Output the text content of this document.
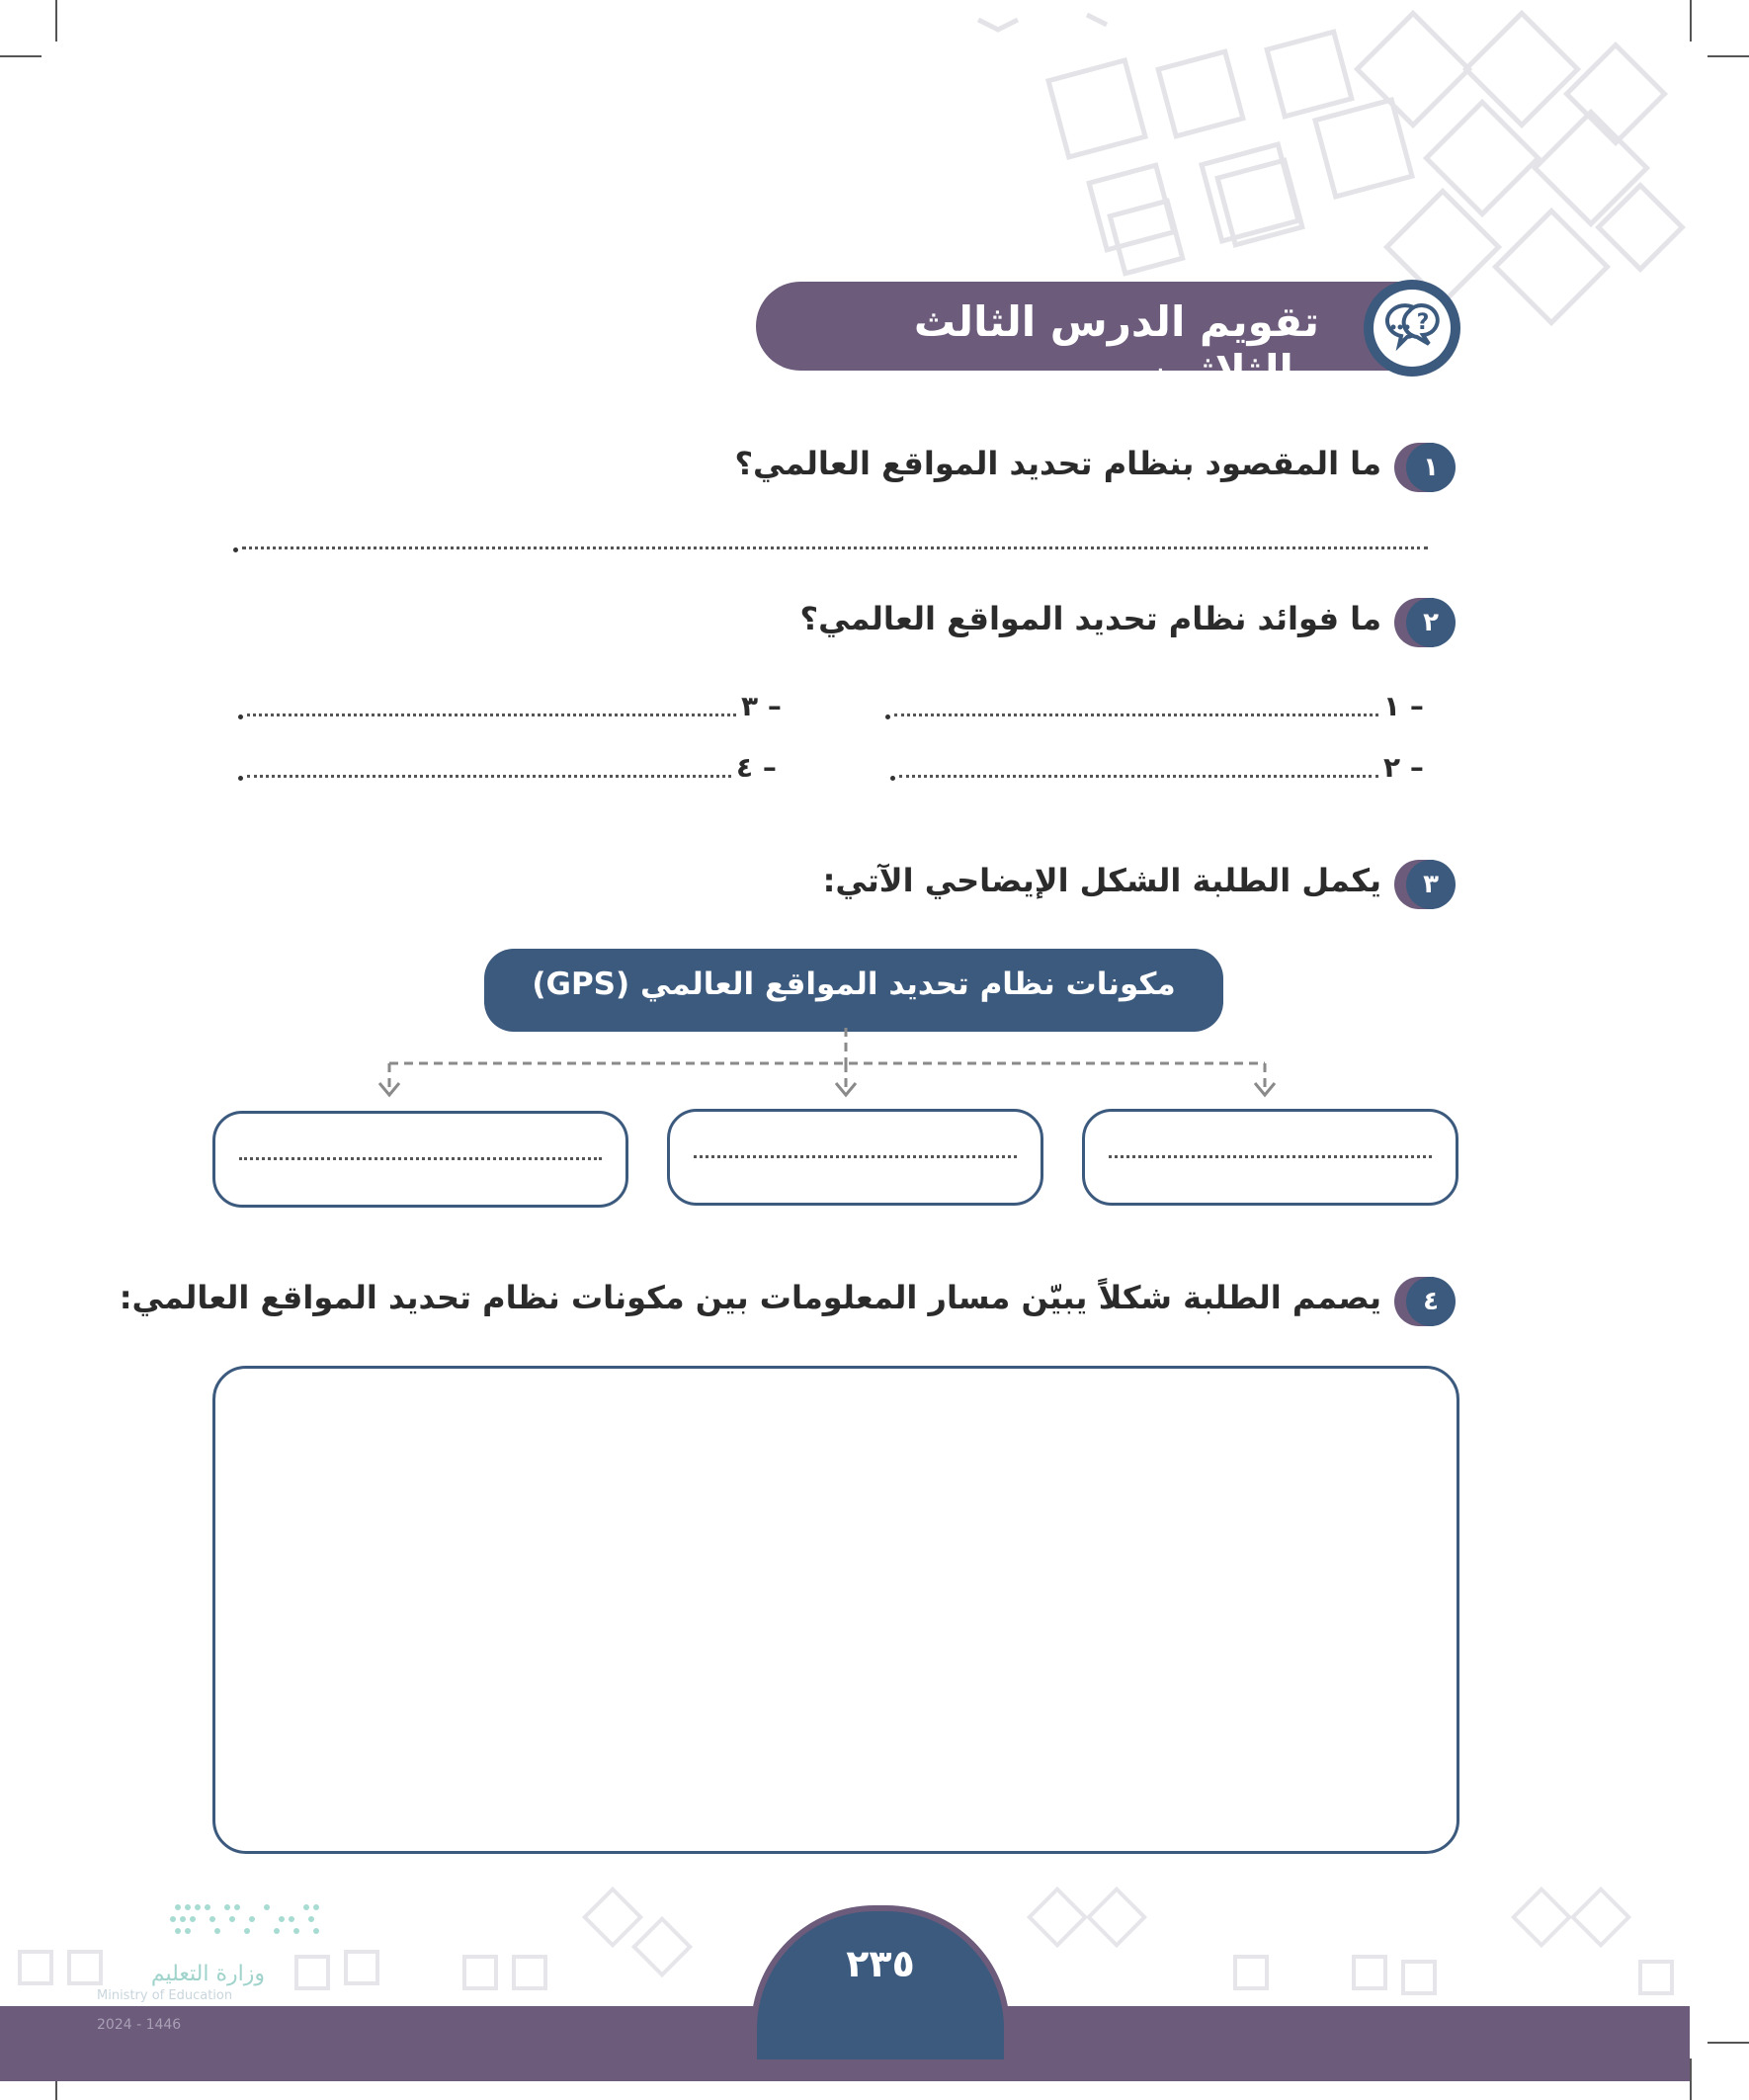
تقويم الدرس الثالث والثلاثين
?
١
ما المقصود بنظام تحديد المواقع العالمي؟
٢
ما فوائد نظام تحديد المواقع العالمي؟
١ –
٣ –
٢ –
٤ –
٣
يكمل الطلبة الشكل الإيضاحي الآتي:
مكونات نظام تحديد المواقع العالمي (GPS)
٤
يصمم الطلبة شكلاً يبيّن مسار المعلومات بين مكونات نظام تحديد المواقع العالمي:
٢٣٥
وزارة التعليم
Ministry of Education
2024 - 1446
